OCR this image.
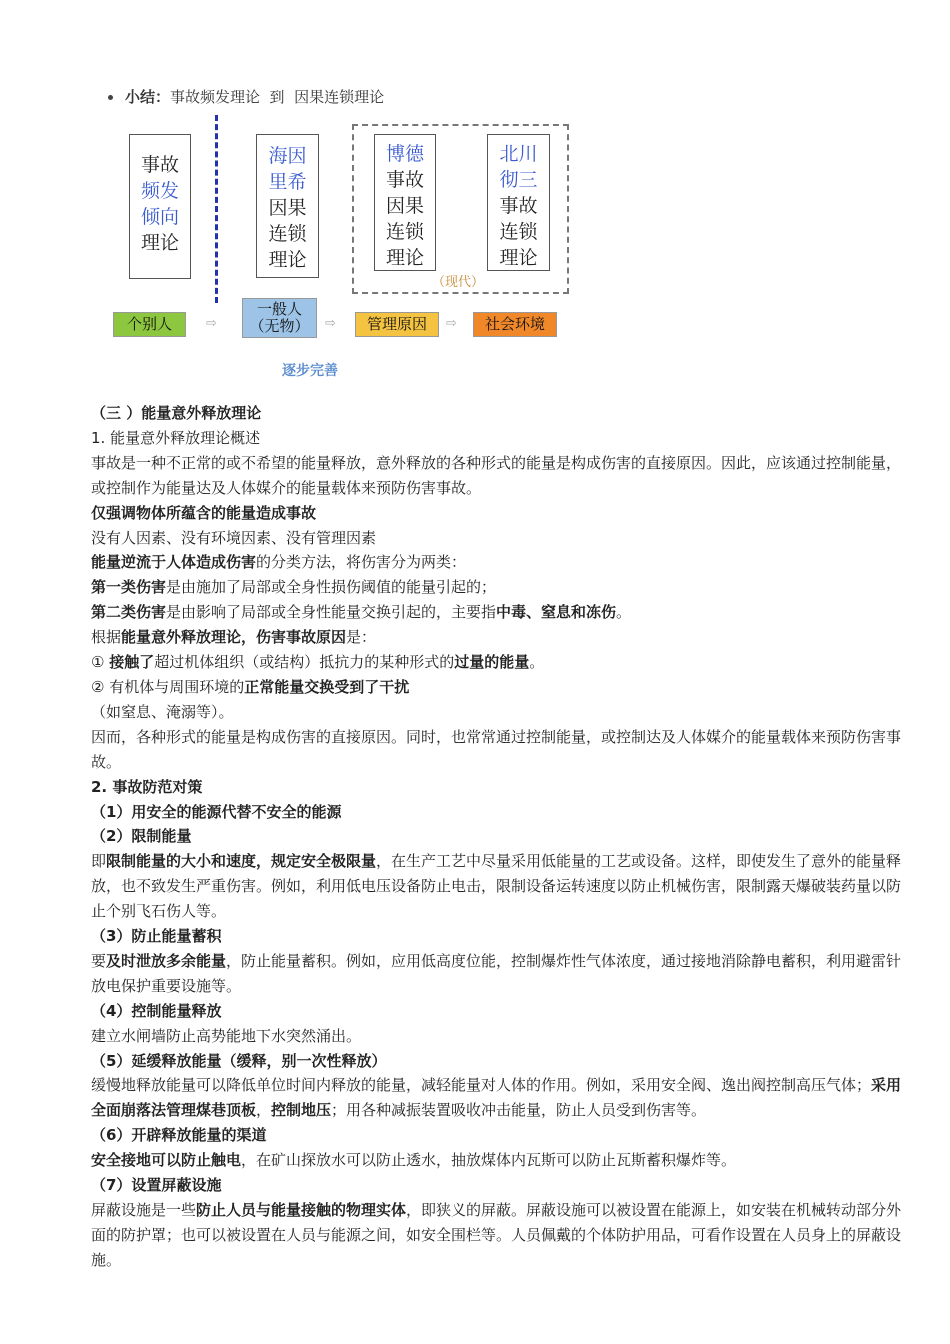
小结：事故频发理论  到  因果连锁理论
事故
频发
倾向
理论
海因
里希
因果
连锁
理论
博德
事故
因果
连锁
理论
北川
彻三
事故
连锁
理论
（现代）
个别人	⇨
一般人
（无物）	⇨	管理原因	⇨	社会环境
逐步完善

（三 ）能量意外释放理论

1. 能量意外释放理论概述

事故是一种不正常的或不希望的能量释放，意外释放的各种形式的能量是构成伤害的直接原因。因此，应该通过控制能量，或控制作为能量达及人体媒介的能量载体来预防伤害事故。

仅强调物体所蕴含的能量造成事故

没有人因素、没有环境因素、没有管理因素

能量逆流于人体造成伤害的分类方法，将伤害分为两类：

第一类伤害是由施加了局部或全身性损伤阈值的能量引起的；

第二类伤害是由影响了局部或全身性能量交换引起的，主要指中毒、窒息和冻伤。

根据能量意外释放理论，伤害事故原因是：

① 接触了超过机体组织（或结构）抵抗力的某种形式的过量的能量。

② 有机体与周围环境的正常能量交换受到了干扰

（如窒息、淹溺等）。

因而，各种形式的能量是构成伤害的直接原因。同时，也常常通过控制能量，或控制达及人体媒介的能量载体来预防伤害事故。

2. 事故防范对策

（1）用安全的能源代替不安全的能源

（2）限制能量

即限制能量的大小和速度，规定安全极限量，在生产工艺中尽量采用低能量的工艺或设备。这样，即使发生了意外的能量释放，也不致发生严重伤害。例如，利用低电压设备防止电击，限制设备运转速度以防止机械伤害，限制露天爆破装药量以防止个别飞石伤人等。

（3）防止能量蓄积

要及时泄放多余能量，防止能量蓄积。例如，应用低高度位能，控制爆炸性气体浓度，通过接地消除静电蓄积，利用避雷针放电保护重要设施等。

（4）控制能量释放

建立水闸墙防止高势能地下水突然涌出。

（5）延缓释放能量（缓释，别一次性释放）

缓慢地释放能量可以降低单位时间内释放的能量，减轻能量对人体的作用。例如，采用安全阀、逸出阀控制高压气体；采用全面崩落法管理煤巷顶板，控制地压；用各种减振装置吸收冲击能量，防止人员受到伤害等。

（6）开辟释放能量的渠道

安全接地可以防止触电，在矿山探放水可以防止透水，抽放煤体内瓦斯可以防止瓦斯蓄积爆炸等。

（7）设置屏蔽设施

屏蔽设施是一些防止人员与能量接触的物理实体，即狭义的屏蔽。屏蔽设施可以被设置在能源上，如安装在机械转动部分外面的防护罩；也可以被设置在人员与能源之间，如安全围栏等。人员佩戴的个体防护用品，可看作设置在人员身上的屏蔽设施。
